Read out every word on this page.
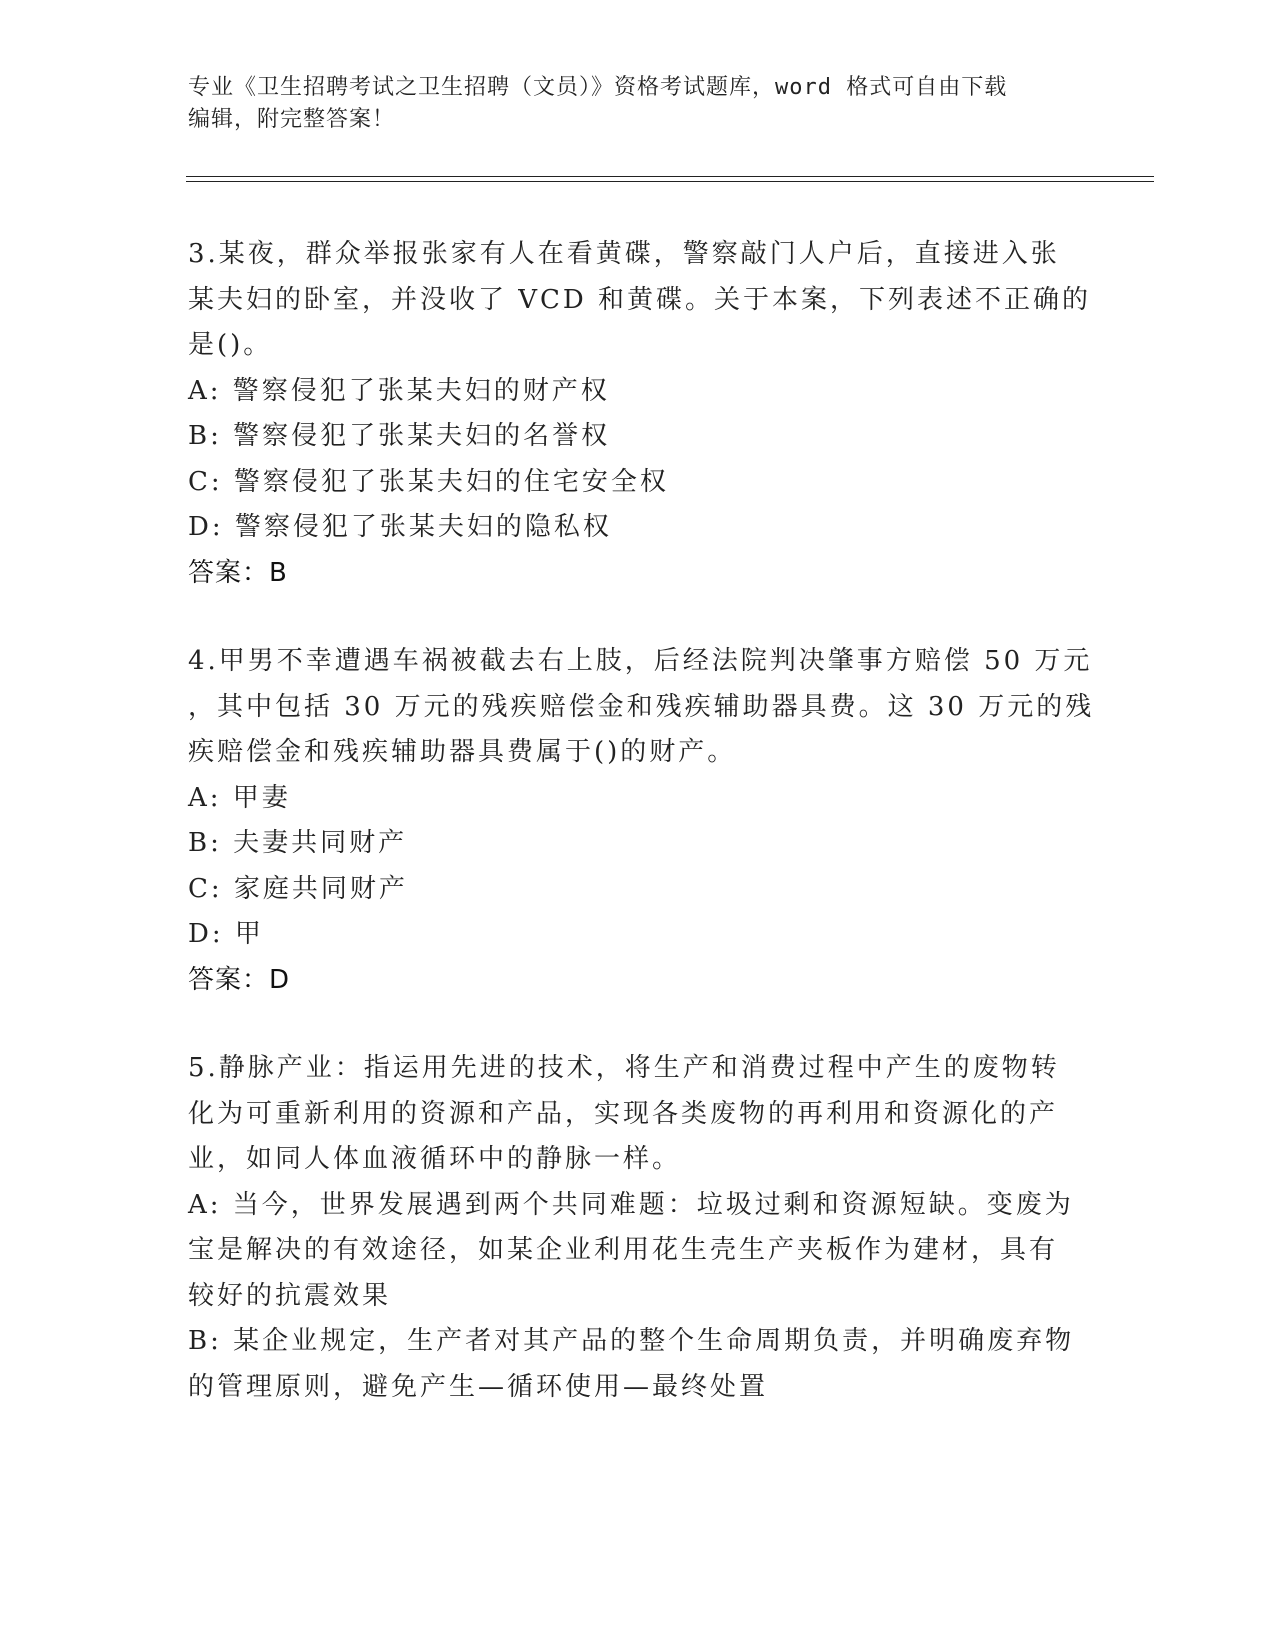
专业《卫生招聘考试之卫生招聘（文员）》资格考试题库，word 格式可自由下载
编辑，附完整答案！
3.某夜，群众举报张家有人在看黄碟，警察敲门人户后，直接进入张
某夫妇的卧室，并没收了 VCD 和黄碟。关于本案，下列表述不正确的
是()。
A: 警察侵犯了张某夫妇的财产权
B: 警察侵犯了张某夫妇的名誉权
C: 警察侵犯了张某夫妇的住宅安全权
D: 警察侵犯了张某夫妇的隐私权
答案：B
4.甲男不幸遭遇车祸被截去右上肢，后经法院判决肇事方赔偿 50 万元
，其中包括 30 万元的残疾赔偿金和残疾辅助器具费。这 30 万元的残
疾赔偿金和残疾辅助器具费属于()的财产。
A: 甲妻
B: 夫妻共同财产
C: 家庭共同财产
D: 甲
答案：D
5.静脉产业：指运用先进的技术，将生产和消费过程中产生的废物转
化为可重新利用的资源和产品，实现各类废物的再利用和资源化的产
业，如同人体血液循环中的静脉一样。
A: 当今，世界发展遇到两个共同难题：垃圾过剩和资源短缺。变废为
宝是解决的有效途径，如某企业利用花生壳生产夹板作为建材，具有
较好的抗震效果
B: 某企业规定，生产者对其产品的整个生命周期负责，并明确废弃物
的管理原则，避免产生—循环使用—最终处置
